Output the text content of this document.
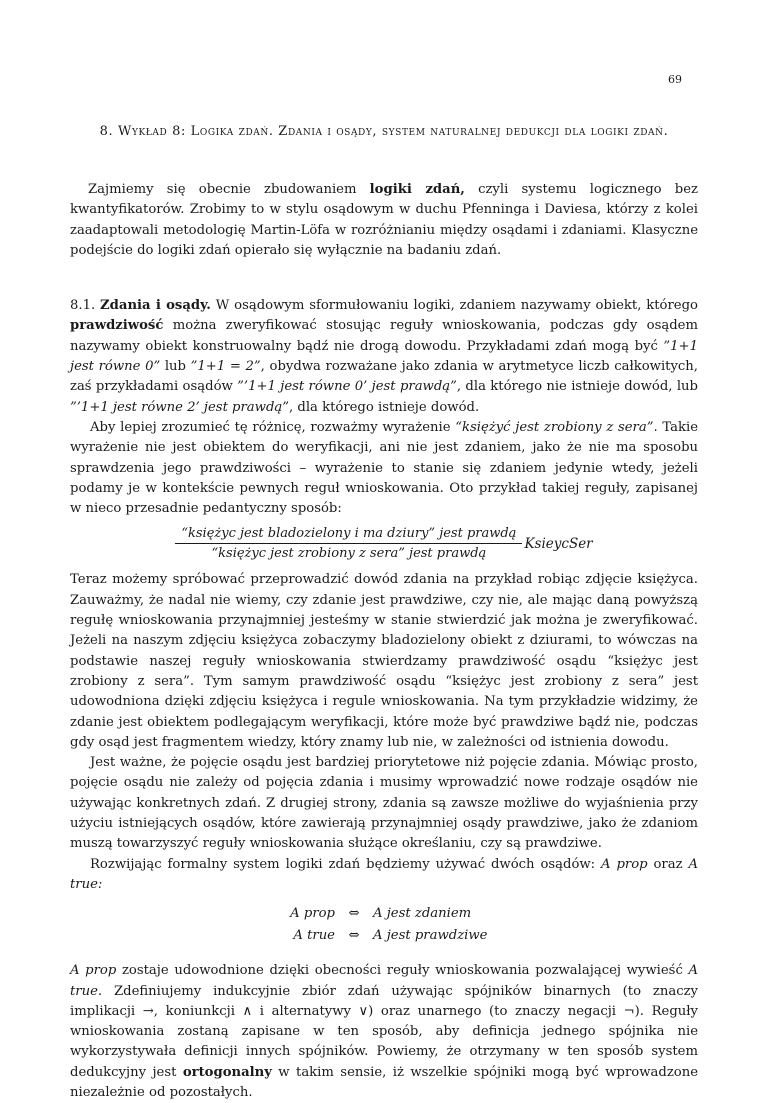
69
8. Wykład 8: Logika zdań. Zdania i osądy, system naturalnej dedukcji dla logiki zdań.

Zajmiemy się obecnie zbudowaniem logiki zdań, czyli systemu logicznego bez kwantyfikatorów. Zrobimy to w stylu osądowym w duchu Pfenninga i Daviesa, którzy z kolei zaadaptowali metodologię Martin-Löfa w rozróżnianiu między osądami i zdaniami. Klasyczne podejście do logiki zdań opierało się wyłącznie na badaniu zdań.

8.1. Zdania i osądy. W osądowym sformułowaniu logiki, zdaniem nazywamy obiekt, którego prawdziwość można zweryfikować stosując reguły wnioskowania, podczas gdy osądem nazywamy obiekt konstruowalny bądź nie drogą dowodu. Przykładami zdań mogą być ”1+1 jest równe 0” lub ”1+1 = 2”, obydwa rozważane jako zdania w arytmetyce liczb całkowitych, zaś przykładami osądów ”’1+1 jest równe 0’ jest prawdą”, dla którego nie istnieje dowód, lub ”’1+1 jest równe 2’ jest prawdą”, dla którego istnieje dowód.

Aby lepiej zrozumieć tę różnicę, rozważmy wyrażenie “księżyć jest zrobiony z sera”. Takie wyrażenie nie jest obiektem do weryfikacji, ani nie jest zdaniem, jako że nie ma sposobu sprawdzenia jego prawdziwości – wyrażenie to stanie się zdaniem jedynie wtedy, jeżeli podamy je w kontekście pewnych reguł wnioskowania. Oto przykład takiej reguły, zapisanej w nieco przesadnie pedantyczny sposób:

$\frac{\text{“księżyc jest bladozielony i ma dziury” jest prawdą}}{\text{“księżyc jest zrobiony z sera” jest prawdą}}$ KsieycSer

Teraz możemy spróbować przeprowadzić dowód zdania na przykład robiąc zdjęcie księżyca. Zauważmy, że nadal nie wiemy, czy zdanie jest prawdziwe, czy nie, ale mając daną powyższą regułę wnioskowania przynajmniej jesteśmy w stanie stwierdzić jak można je zweryfikować. Jeżeli na naszym zdjęciu księżyca zobaczymy bladozielony obiekt z dziurami, to wówczas na podstawie naszej reguły wnioskowania stwierdzamy prawdziwość osądu “księżyc jest zrobiony z sera”. Tym samym prawdziwość osądu “księżyc jest zrobiony z sera” jest udowodniona dzięki zdjęciu księżyca i regule wnioskowania. Na tym przykładzie widzimy, że zdanie jest obiektem podlegającym weryfikacji, które może być prawdziwe bądź nie, podczas gdy osąd jest fragmentem wiedzy, który znamy lub nie, w zależności od istnienia dowodu.

Jest ważne, że pojęcie osądu jest bardziej priorytetowe niż pojęcie zdania. Mówiąc prosto, pojęcie osądu nie zależy od pojęcia zdania i musimy wprowadzić nowe rodzaje osądów nie używając konkretnych zdań. Z drugiej strony, zdania są zawsze możliwe do wyjaśnienia przy użyciu istniejących osądów, które zawierają przynajmniej osądy prawdziwe, jako że zdaniom muszą towarzyszyć reguły wnioskowania służące określaniu, czy są prawdziwe.

Rozwijając formalny system logiki zdań będziemy używać dwóch osądów: A prop oraz A true:

A prop	⇔	A jest zdaniem
A true	⇔	A jest prawdziwe

A prop zostaje udowodnione dzięki obecności reguły wnioskowania pozwalającej wywieść A true. Zdefiniujemy indukcyjnie zbiór zdań używając spójników binarnych (to znaczy implikacji →, koniunkcji ∧ i alternatywy ∨) oraz unarnego (to znaczy negacji ¬). Reguły wnioskowania zostaną zapisane w ten sposób, aby definicja jednego spójnika nie wykorzystywała definicji innych spójników. Powiemy, że otrzymany w ten sposób system dedukcyjny jest ortogonalny w takim sensie, iż wszelkie spójniki mogą być wprowadzone niezależnie od pozostałych.
